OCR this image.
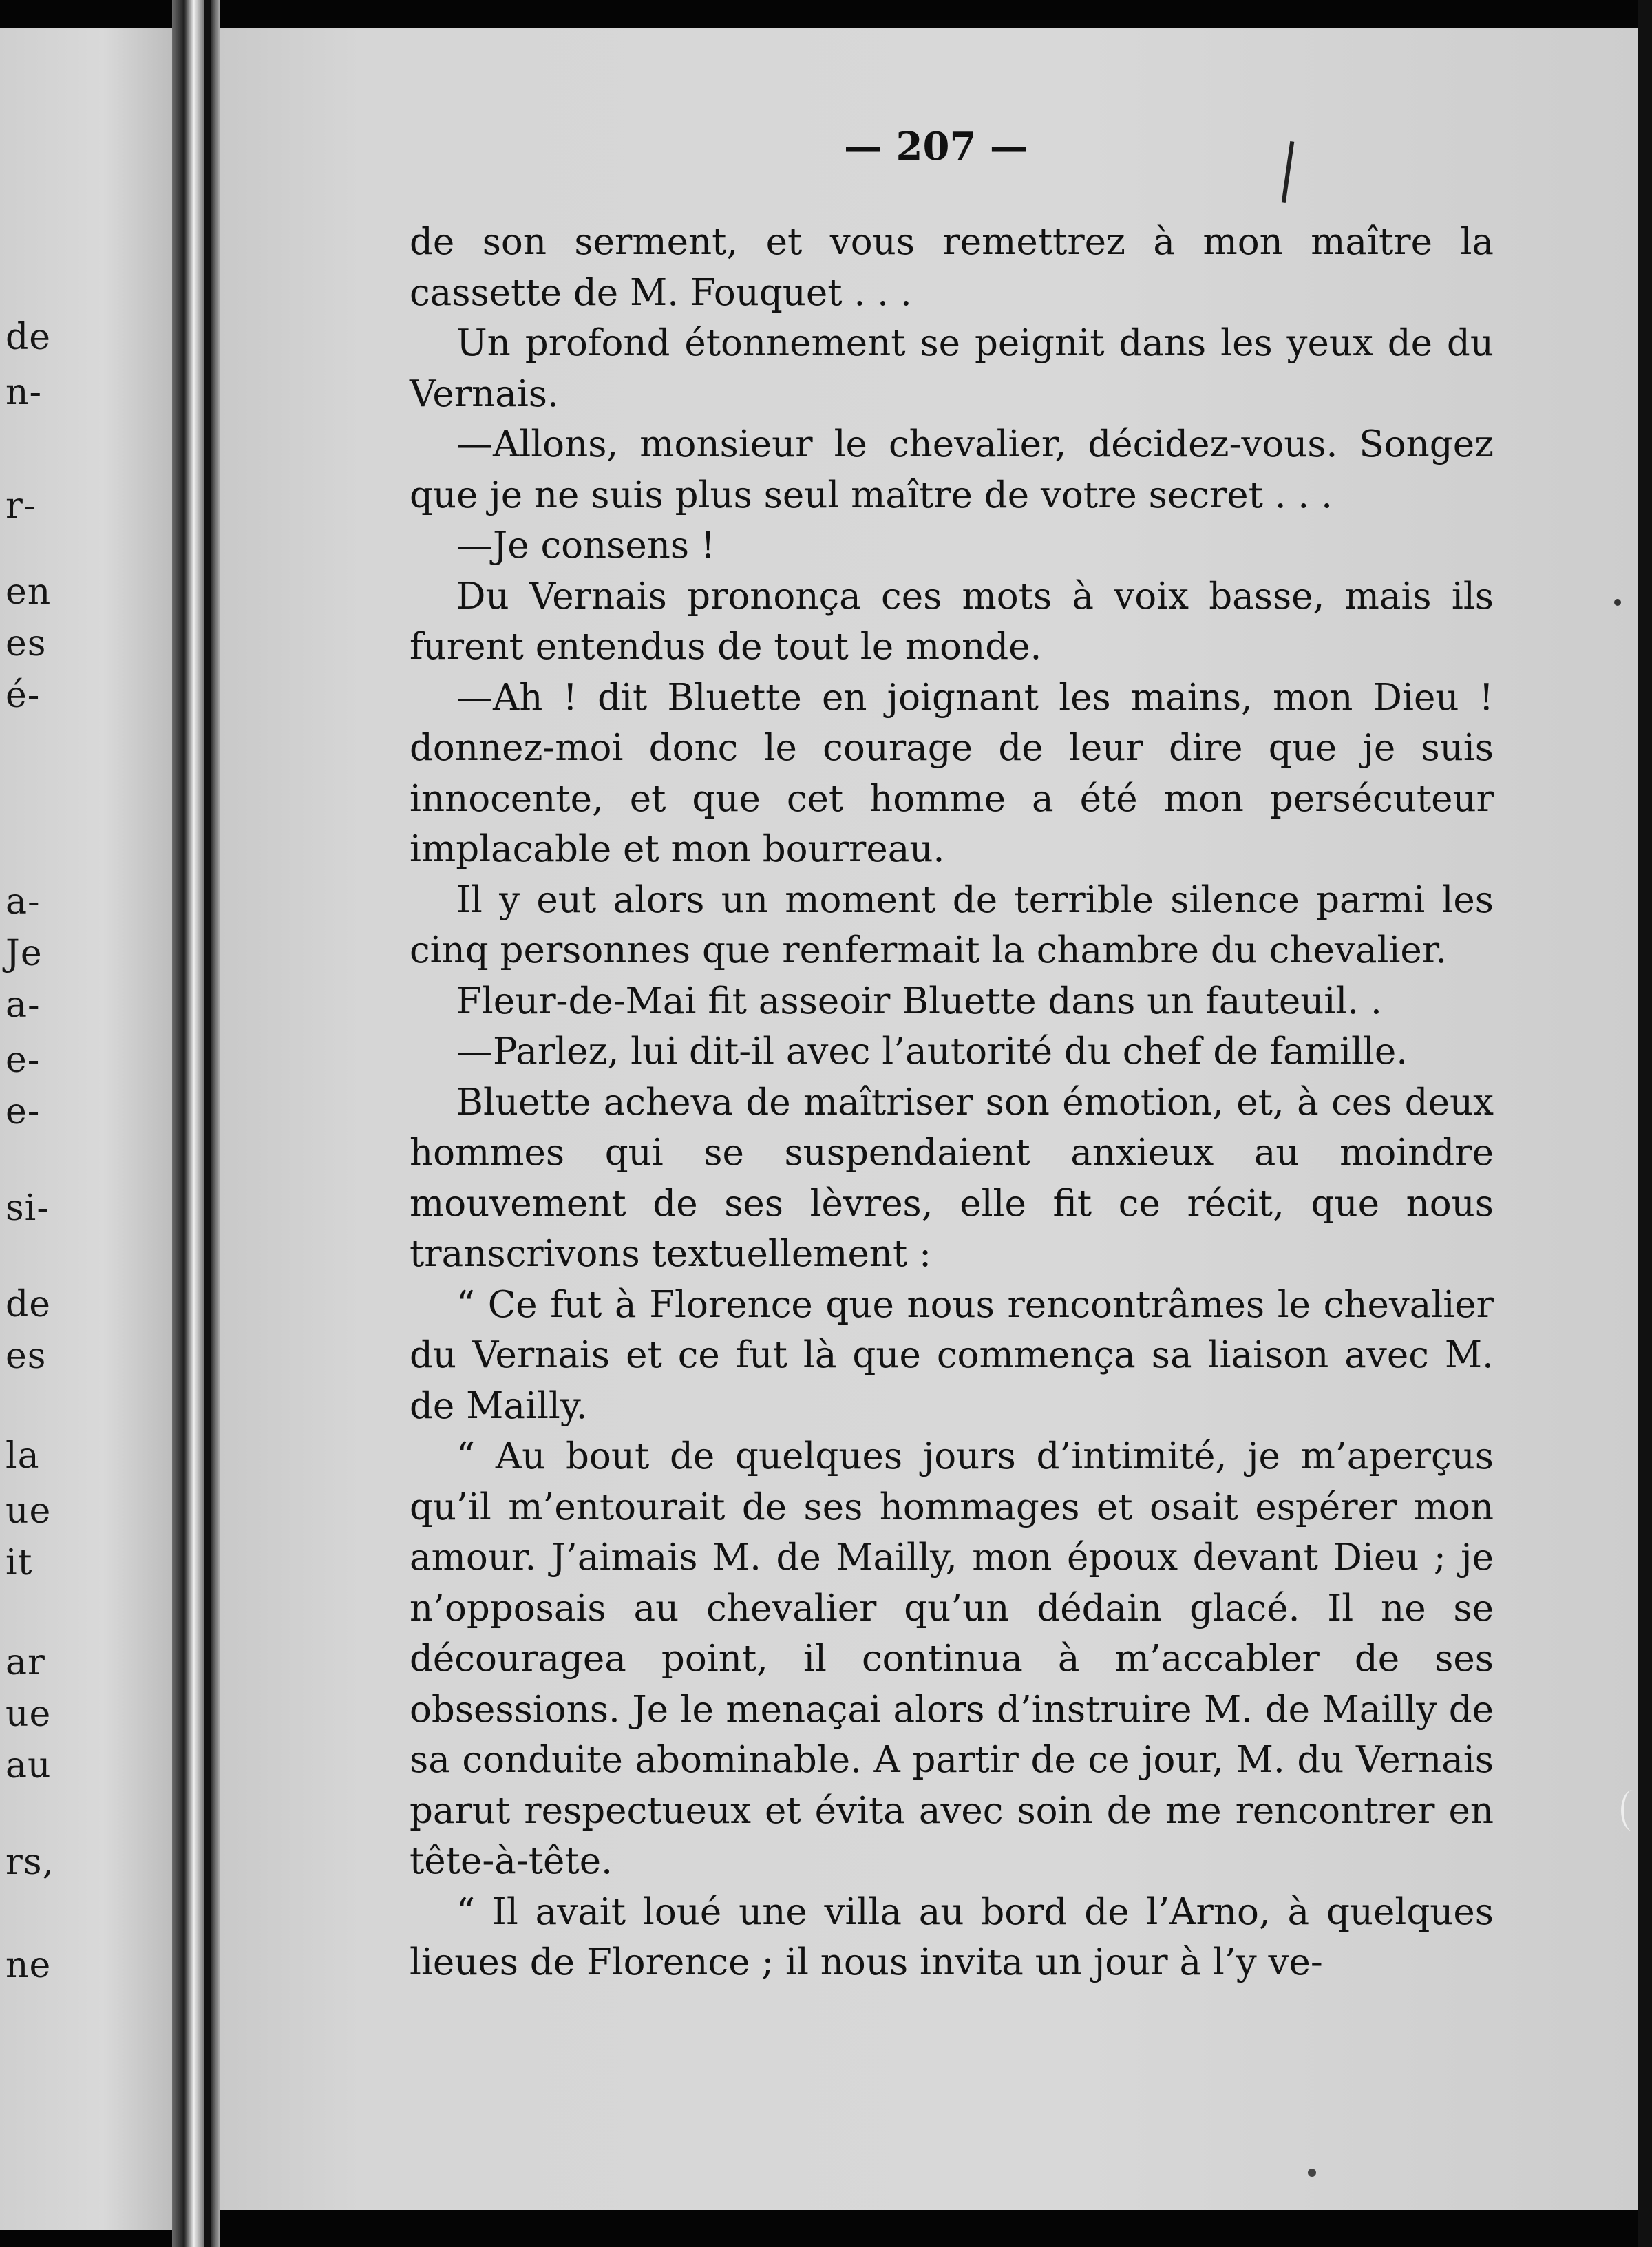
de
n-
r-
en
es
é-
a-
Je
a-
e-
e-
si-
de
es
la
ue
it
ar
ue
au
rs,
ne
— 207 —

de son serment, et vous remettrez à mon maître la cassette de M. Fouquet . . .

Un profond étonnement se peignit dans les yeux de du Vernais.

—Allons, monsieur le chevalier, décidez-vous. Songez que je ne suis plus seul maître de votre secret . . .

—Je consens !

Du Vernais prononça ces mots à voix basse, mais ils furent entendus de tout le monde.

—Ah ! dit Bluette en joignant les mains, mon Dieu ! donnez-moi donc le courage de leur dire que je suis innocente, et que cet homme a été mon persécuteur implacable et mon bourreau.

Il y eut alors un moment de terrible silence parmi les cinq personnes que renfermait la chambre du chevalier.

Fleur-de-Mai fit asseoir Bluette dans un fauteuil. .

—Parlez, lui dit-il avec l’autorité du chef de famille.

Bluette acheva de maîtriser son émotion, et, à ces deux hommes qui se suspendaient anxieux au moindre mouvement de ses lèvres, elle fit ce récit, que nous transcrivons textuellement :

“ Ce fut à Florence que nous rencontrâmes le chevalier du Vernais et ce fut là que commença sa liaison avec M. de Mailly.

“ Au bout de quelques jours d’intimité, je m’aperçus qu’il m’entourait de ses hommages et osait espérer mon amour. J’aimais M. de Mailly, mon époux devant Dieu ; je n’opposais au chevalier qu’un dédain glacé. Il ne se découragea point, il continua à m’accabler de ses obsessions. Je le menaçai alors d’instruire M. de Mailly de sa conduite abominable. A partir de ce jour, M. du Vernais parut respectueux et évita avec soin de me rencontrer en tête-à-tête.

“ Il avait loué une villa au bord de l’Arno, à quelques lieues de Florence ; il nous invita un jour à l’y ve-
